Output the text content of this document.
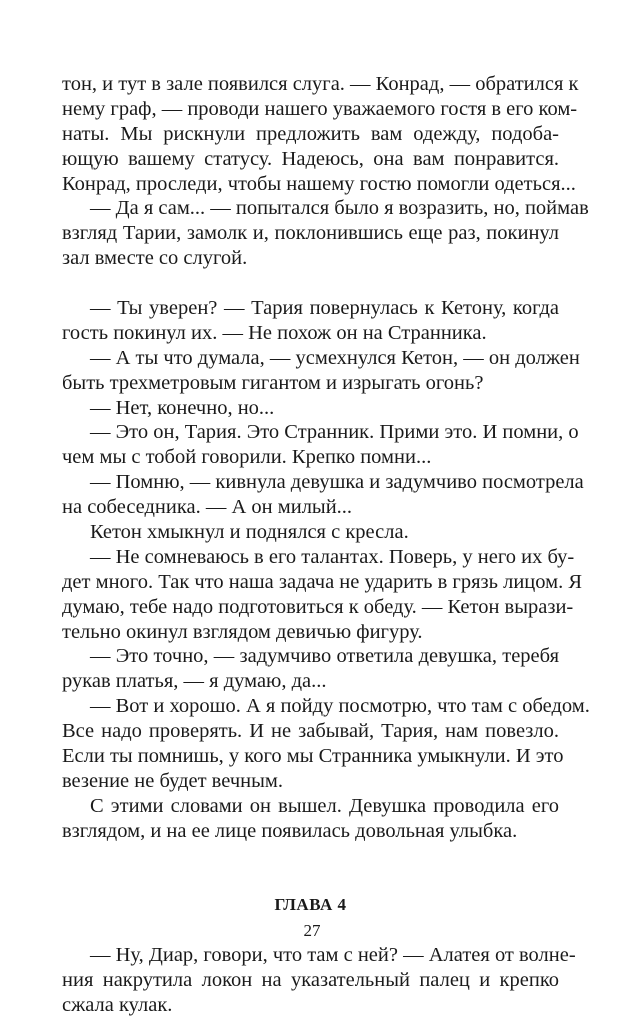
тон, и тут в зале появился слуга. — Конрад, — обратился к
нему граф, — проводи нашего уважаемого гостя в его ком-
наты. Мы рискнули предложить вам одежду, подоба-
ющую вашему статусу. Надеюсь, она вам понравится.
Конрад, проследи, чтобы нашему гостю помогли одеться...
— Да я сам... — попытался было я возразить, но, поймав
взгляд Тарии, замолк и, поклонившись еще раз, покинул
зал вместе со слугой.
— Ты уверен? — Тария повернулась к Кетону, когда
гость покинул их. — Не похож он на Странника.
— А ты что думала, — усмехнулся Кетон, — он должен
быть трехметровым гигантом и изрыгать огонь?
— Нет, конечно, но...
— Это он, Тария. Это Странник. Прими это. И помни, о
чем мы с тобой говорили. Крепко помни...
— Помню, — кивнула девушка и задумчиво посмотрела
на собеседника. — А он милый...
Кетон хмыкнул и поднялся с кресла.
— Не сомневаюсь в его талантах. Поверь, у него их бу-
дет много. Так что наша задача не ударить в грязь лицом. Я
думаю, тебе надо подготовиться к обеду. — Кетон вырази-
тельно окинул взглядом девичью фигуру.
— Это точно, — задумчиво ответила девушка, теребя
рукав платья, — я думаю, да...
— Вот и хорошо. А я пойду посмотрю, что там с обедом.
Все надо проверять. И не забывай, Тария, нам повезло.
Если ты помнишь, у кого мы Странника умыкнули. И это
везение не будет вечным.
С этими словами он вышел. Девушка проводила его
взглядом, и на ее лице появилась довольная улыбка.
ГЛАВА 4
— Ну, Диар, говори, что там с ней? — Алатея от волне-
ния накрутила локон на указательный палец и крепко
сжала кулак.
27
